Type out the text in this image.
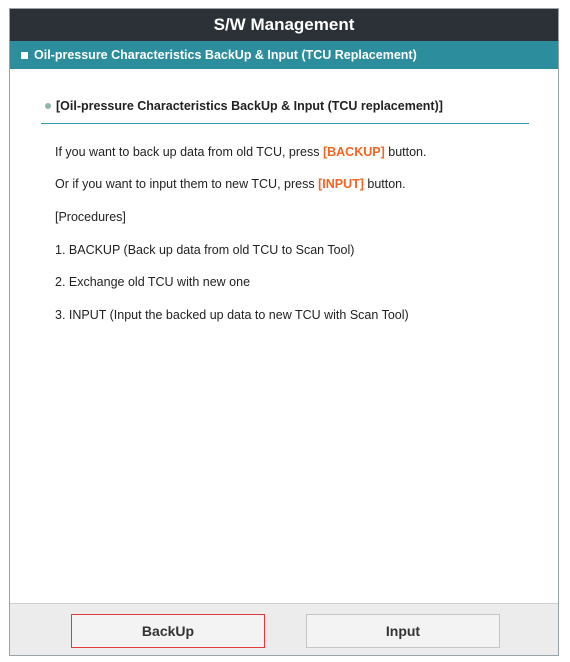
S/W Management
Oil-pressure Characteristics BackUp & Input (TCU Replacement)
[Oil-pressure Characteristics BackUp & Input (TCU replacement)]
If you want to back up data from old TCU, press [BACKUP] button.
Or if you want to input them to new TCU, press [INPUT] button.
[Procedures]
1. BACKUP (Back up data from old TCU to Scan Tool)
2. Exchange old TCU with new one
3. INPUT (Input the backed up data to new TCU with Scan Tool)
BackUp	Input
